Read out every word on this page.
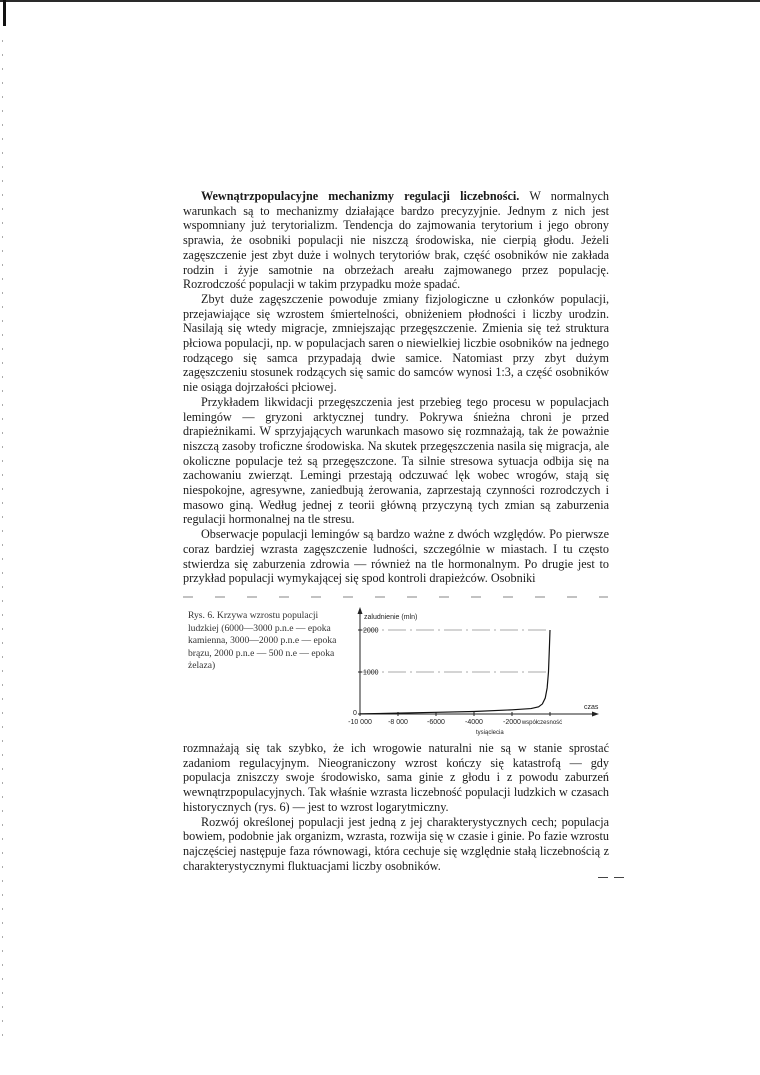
Wewnątrzpopulacyjne mechanizmy regulacji liczebności. W normalnych warunkach są to mechanizmy działające bardzo precyzyjnie. Jednym z nich jest wspomniany już terytorializm. Tendencja do zajmowania terytorium i jego obrony sprawia, że osobniki populacji nie niszczą środowiska, nie cierpią głodu. Jeżeli zagęszczenie jest zbyt duże i wolnych terytoriów brak, część osobników nie zakłada rodzin i żyje samotnie na obrzeżach areału zajmowanego przez populację. Rozrodczość populacji w takim przypadku może spadać.

Zbyt duże zagęszczenie powoduje zmiany fizjologiczne u członków populacji, przejawiające się wzrostem śmiertelności, obniżeniem płodności i liczby urodzin. Nasilają się wtedy migracje, zmniejszając przegęszczenie. Zmienia się też struktura płciowa populacji, np. w populacjach saren o niewielkiej liczbie osobników na jednego rodzącego się samca przypadają dwie samice. Natomiast przy zbyt dużym zagęszczeniu stosunek rodzących się samic do samców wynosi 1:3, a część osobników nie osiąga dojrzałości płciowej.

Przykładem likwidacji przegęszczenia jest przebieg tego procesu w populacjach lemingów — gryzoni arktycznej tundry. Pokrywa śnieżna chroni je przed drapieżnikami. W sprzyjających warunkach masowo się rozmnażają, tak że poważnie niszczą zasoby troficzne środowiska. Na skutek przegęszczenia nasila się migracja, ale okoliczne populacje też są przegęszczone. Ta silnie stresowa sytuacja odbija się na zachowaniu zwierząt. Lemingi przestają odczuwać lęk wobec wrogów, stają się niespokojne, agresywne, zaniedbują żerowania, zaprzestają czynności rozrodczych i masowo giną. Według jednej z teorii główną przyczyną tych zmian są zaburzenia regulacji hormonalnej na tle stresu.

Obserwacje populacji lemingów są bardzo ważne z dwóch względów. Po pierwsze coraz bardziej wzrasta zagęszczenie ludności, szczególnie w miastach. I tu często stwierdza się zaburzenia zdrowia — również na tle hormonalnym. Po drugie jest to przykład populacji wymykającej się spod kontroli drapieżców. Osobniki

Rys. 6. Krzywa wzrostu populacji ludzkiej (6000—3000 p.n.e — epoka kamienna, 3000—2000 p.n.e — epoka brązu, 2000 p.n.e — 500 n.e — epoka żelaza)
zaludnienie (mln)
czas
tysiąclecia
2000
1000
0
-10 000 -8 000	-6000	-4000	-2000 współczesność

rozmnażają się tak szybko, że ich wrogowie naturalni nie są w stanie sprostać zadaniom regulacyjnym. Nieograniczony wzrost kończy się katastrofą — gdy populacja zniszczy swoje środowisko, sama ginie z głodu i z powodu zaburzeń wewnątrzpopulacyjnych. Tak właśnie wzrasta liczebność populacji ludzkich w czasach historycznych (rys. 6) — jest to wzrost logarytmiczny.

Rozwój określonej populacji jest jedną z jej charakterystycznych cech; populacja bowiem, podobnie jak organizm, wzrasta, rozwija się w czasie i ginie. Po fazie wzrostu najczęściej następuje faza równowagi, która cechuje się względnie stałą liczebnością z charakterystycznymi fluktuacjami liczby osobników.
